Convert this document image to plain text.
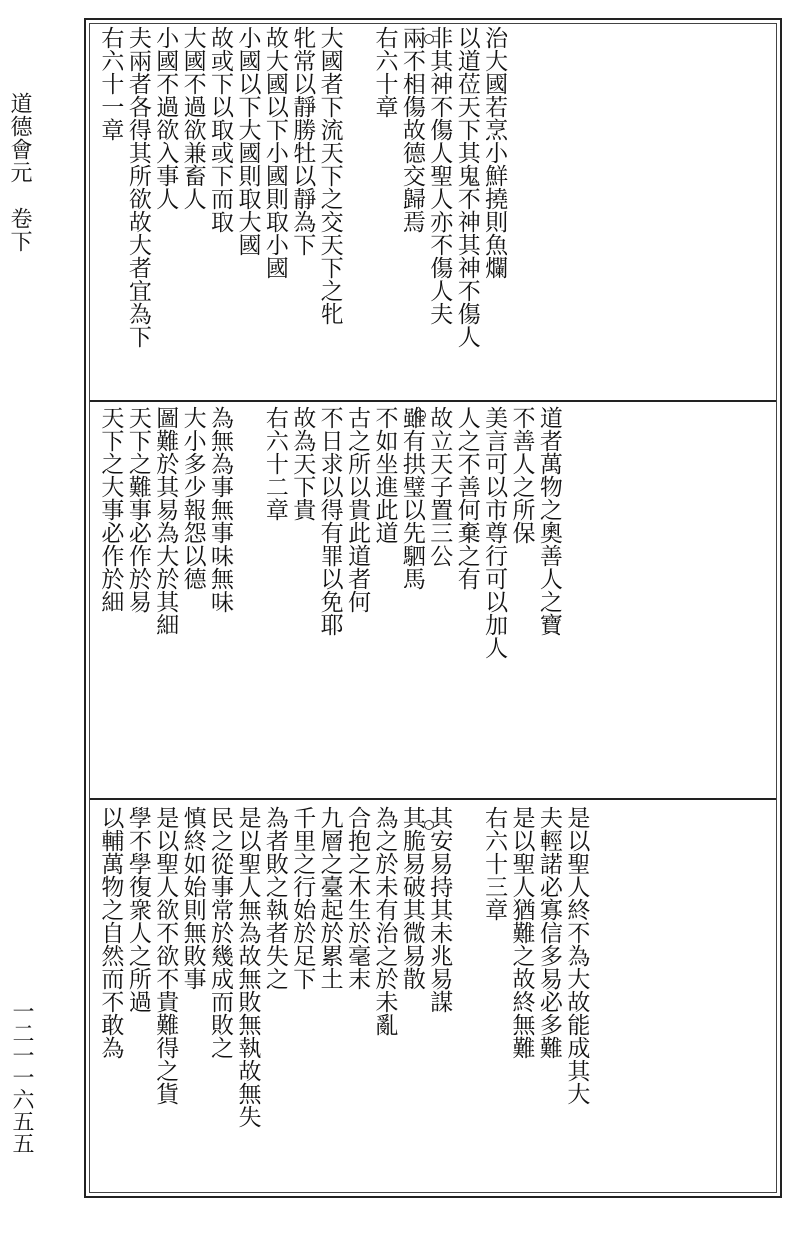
道德會元　卷下
一二一一六五五

治大國若烹小鮮撓則魚爛
以道莅天下其鬼不神其神不傷人
非其神不傷人聖人亦不傷人夫
兩不相傷故德交歸焉
右六十章

大國者下流天下之交天下之牝
牝常以靜勝牡以靜為下
故大國以下小國則取小國
小國以下大國則取大國
故或下以取或下而取
大國不過欲兼畜人
小國不過欲入事人
夫兩者各得其所欲故大者宜為下
右六十一章

道者萬物之奧善人之寶
不善人之所保
美言可以市尊行可以加人
人之不善何棄之有
故立天子置三公
雖有拱璧以先駟馬
不如坐進此道
古之所以貴此道者何
不日求以得有罪以免耶
故為天下貴
右六十二章

為無為事無事味無味
大小多少報怨以德
圖難於其易為大於其細
天下之難事必作於易
天下之大事必作於細

是以聖人終不為大故能成其大
夫輕諾必寡信多易必多難
是以聖人猶難之故終無難
右六十三章

其安易持其未兆易謀
其脆易破其微易散
為之於未有治之於未亂
合抱之木生於毫末
九層之臺起於累土
千里之行始於足下
為者敗之執者失之
是以聖人無為故無敗無執故無失
民之從事常於幾成而敗之
慎終如始則無敗事
是以聖人欲不欲不貴難得之貨
學不學復衆人之所過
以輔萬物之自然而不敢為
